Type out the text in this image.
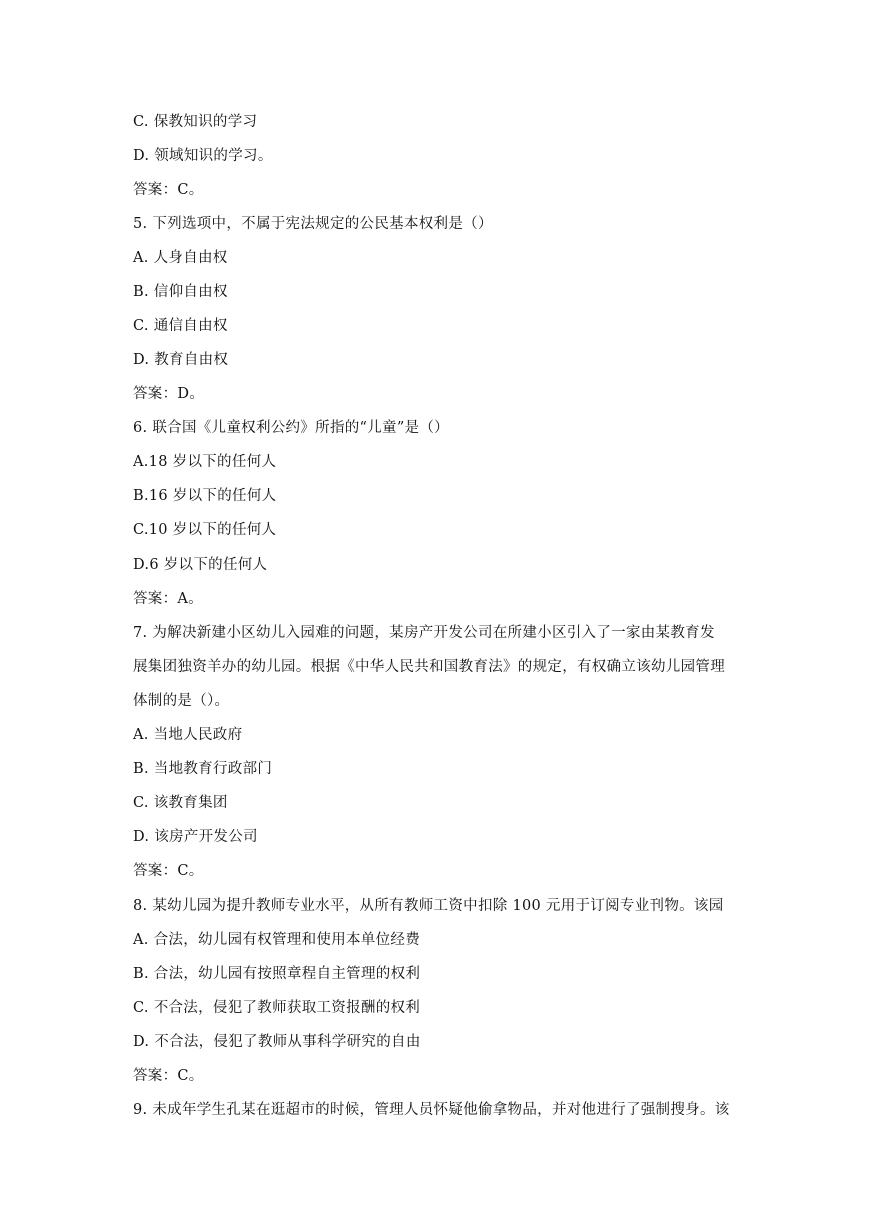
C. 保教知识的学习
D. 领域知识的学习。
答案：C。
5. 下列选项中，不属于宪法规定的公民基本权利是（）
A. 人身自由权
B. 信仰自由权
C. 通信自由权
D. 教育自由权
答案：D。
6. 联合国《儿童权利公约》所指的“儿童”是（）
A.18 岁以下的任何人
B.16 岁以下的任何人
C.10 岁以下的任何人
D.6 岁以下的任何人
答案：A。
7. 为解决新建小区幼儿入园难的问题，某房产开发公司在所建小区引入了一家由某教育发
展集团独资羊办的幼儿园。根据《中华人民共和国教育法》的规定，有权确立该幼儿园管理
体制的是（）。
A. 当地人民政府
B. 当地教育行政部门
C. 该教育集团
D. 该房产开发公司
答案：C。
8. 某幼儿园为提升教师专业水平，从所有教师工资中扣除 100 元用于订阅专业刊物。该园
A. 合法，幼儿园有权管理和使用本单位经费
B. 合法，幼儿园有按照章程自主管理的权利
C. 不合法，侵犯了教师获取工资报酬的权利
D. 不合法，侵犯了教师从事科学研究的自由
答案：C。
9. 未成年学生孔某在逛超市的时候，管理人员怀疑他偷拿物品，并对他进行了强制搜身。该
